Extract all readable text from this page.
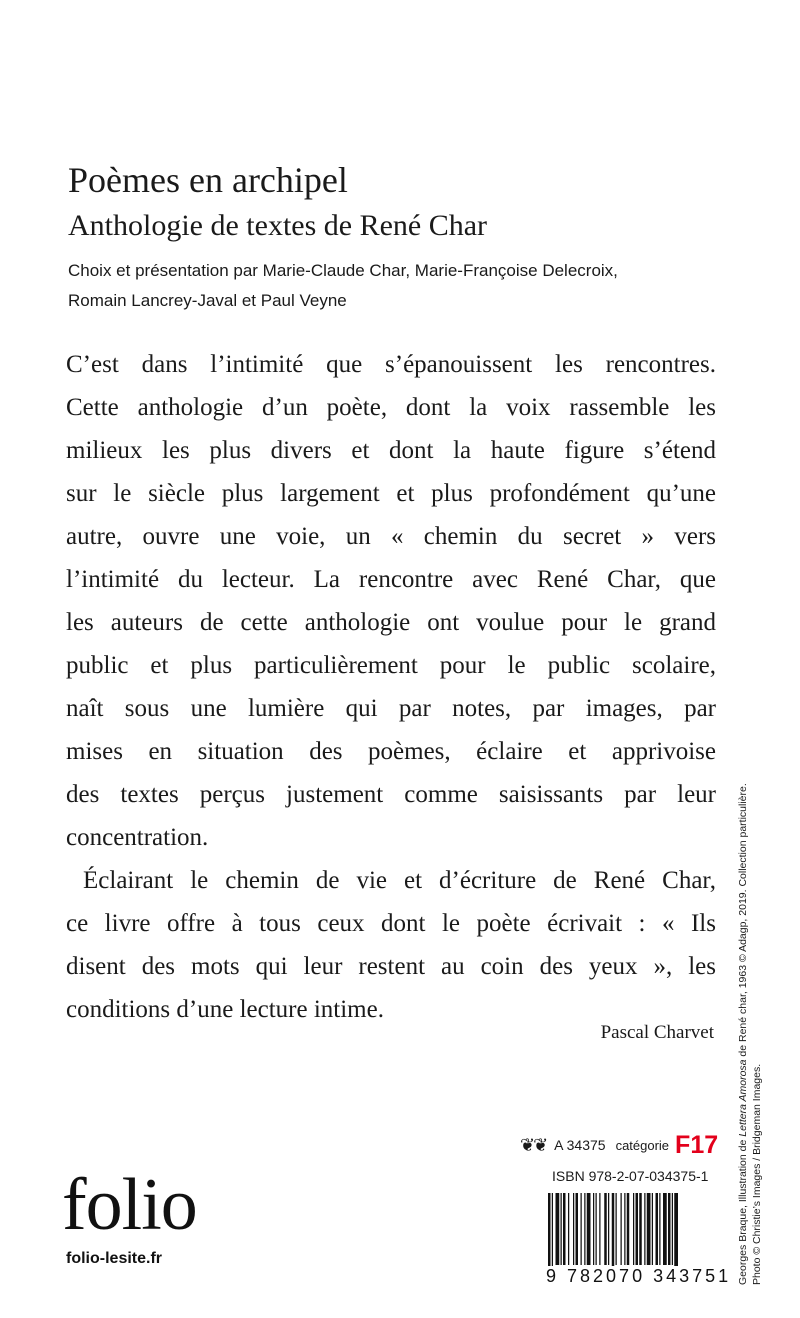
Poèmes en archipel
Anthologie de textes de René Char
Choix et présentation par Marie-Claude Char, Marie-Françoise Delecroix,
Romain Lancrey-Javal et Paul Veyne
C’est dans l’intimité que s’épanouissent les rencontres.
Cette anthologie d’un poète, dont la voix rassemble les
milieux les plus divers et dont la haute figure s’étend
sur le siècle plus largement et plus profondément qu’une
autre, ouvre une voie, un « chemin du secret » vers
l’intimité du lecteur. La rencontre avec René Char, que
les auteurs de cette anthologie ont voulue pour le grand
public et plus particulièrement pour le public scolaire,
naît sous une lumière qui par notes, par images, par
mises en situation des poèmes, éclaire et apprivoise
des textes perçus justement comme saisissants par leur
concentration.
Éclairant le chemin de vie et d’écriture de René Char,
ce livre offre à tous ceux dont le poète écrivait : « Ils
disent des mots qui leur restent au coin des yeux », les
conditions d’une lecture intime.
Pascal Charvet
folio
folio-lesite.fr
❦❦ A 34375 catégorie F17
ISBN 978-2-07-034375-1
9 782070 343751 Georges Braque, Illustration de Lettera Amorosa de René char, 1963 © Adagp, 2019. Collection particulière.
Photo © Christie’s Images / Bridgeman Images.
